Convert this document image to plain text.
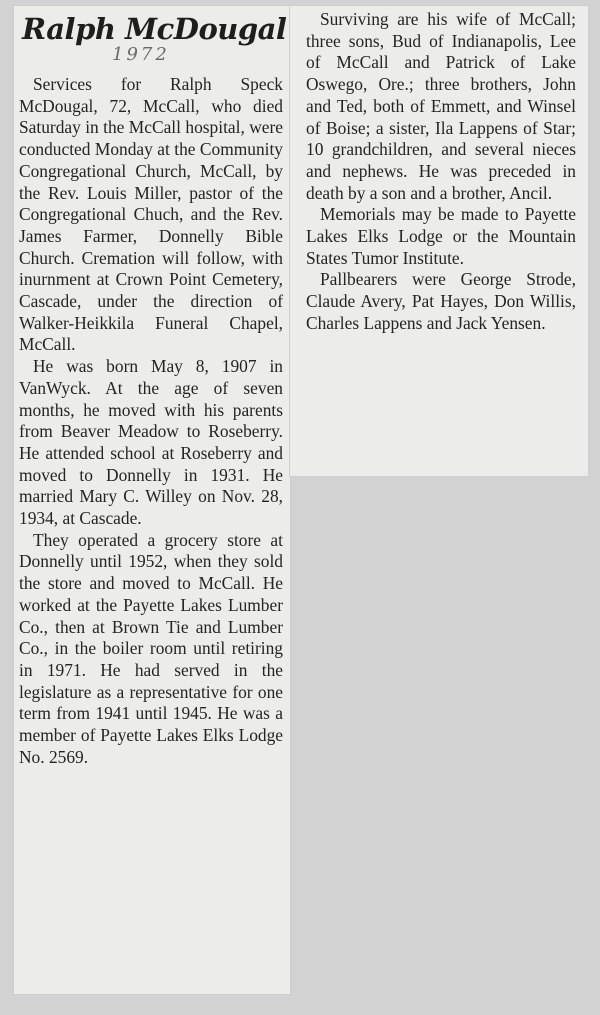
Ralph McDougal
1972

Services for Ralph Speck McDougal, 72, McCall, who died Saturday in the McCall hospital, were conducted Monday at the Community Congregational Church, McCall, by the Rev. Louis Miller, pastor of the Congregational Chuch, and the Rev. James Farmer, Donnelly Bible Church. Cremation will follow, with inurnment at Crown Point Cemetery, Cascade, under the direction of Walker-Heikkila Funeral Chapel, McCall.

He was born May 8, 1907 in VanWyck. At the age of seven months, he moved with his parents from Beaver Meadow to Roseberry. He attended school at Roseberry and moved to Donnelly in 1931. He married Mary C. Willey on Nov. 28, 1934, at Cascade.

They operated a grocery store at Donnelly until 1952, when they sold the store and moved to McCall. He worked at the Payette Lakes Lumber Co., then at Brown Tie and Lumber Co., in the boiler room until retiring in 1971. He had served in the legislature as a representative for one term from 1941 until 1945. He was a member of Payette Lakes Elks Lodge No. 2569.

Surviving are his wife of McCall; three sons, Bud of Indianapolis, Lee of McCall and Patrick of Lake Oswego, Ore.; three brothers, John and Ted, both of Emmett, and Winsel of Boise; a sister, Ila Lappens of Star; 10 grandchildren, and several nieces and nephews. He was preceded in death by a son and a brother, Ancil.

Memorials may be made to Payette Lakes Elks Lodge or the Mountain States Tumor Institute.

Pallbearers were George Strode, Claude Avery, Pat Hayes, Don Willis, Charles Lappens and Jack Yensen.
